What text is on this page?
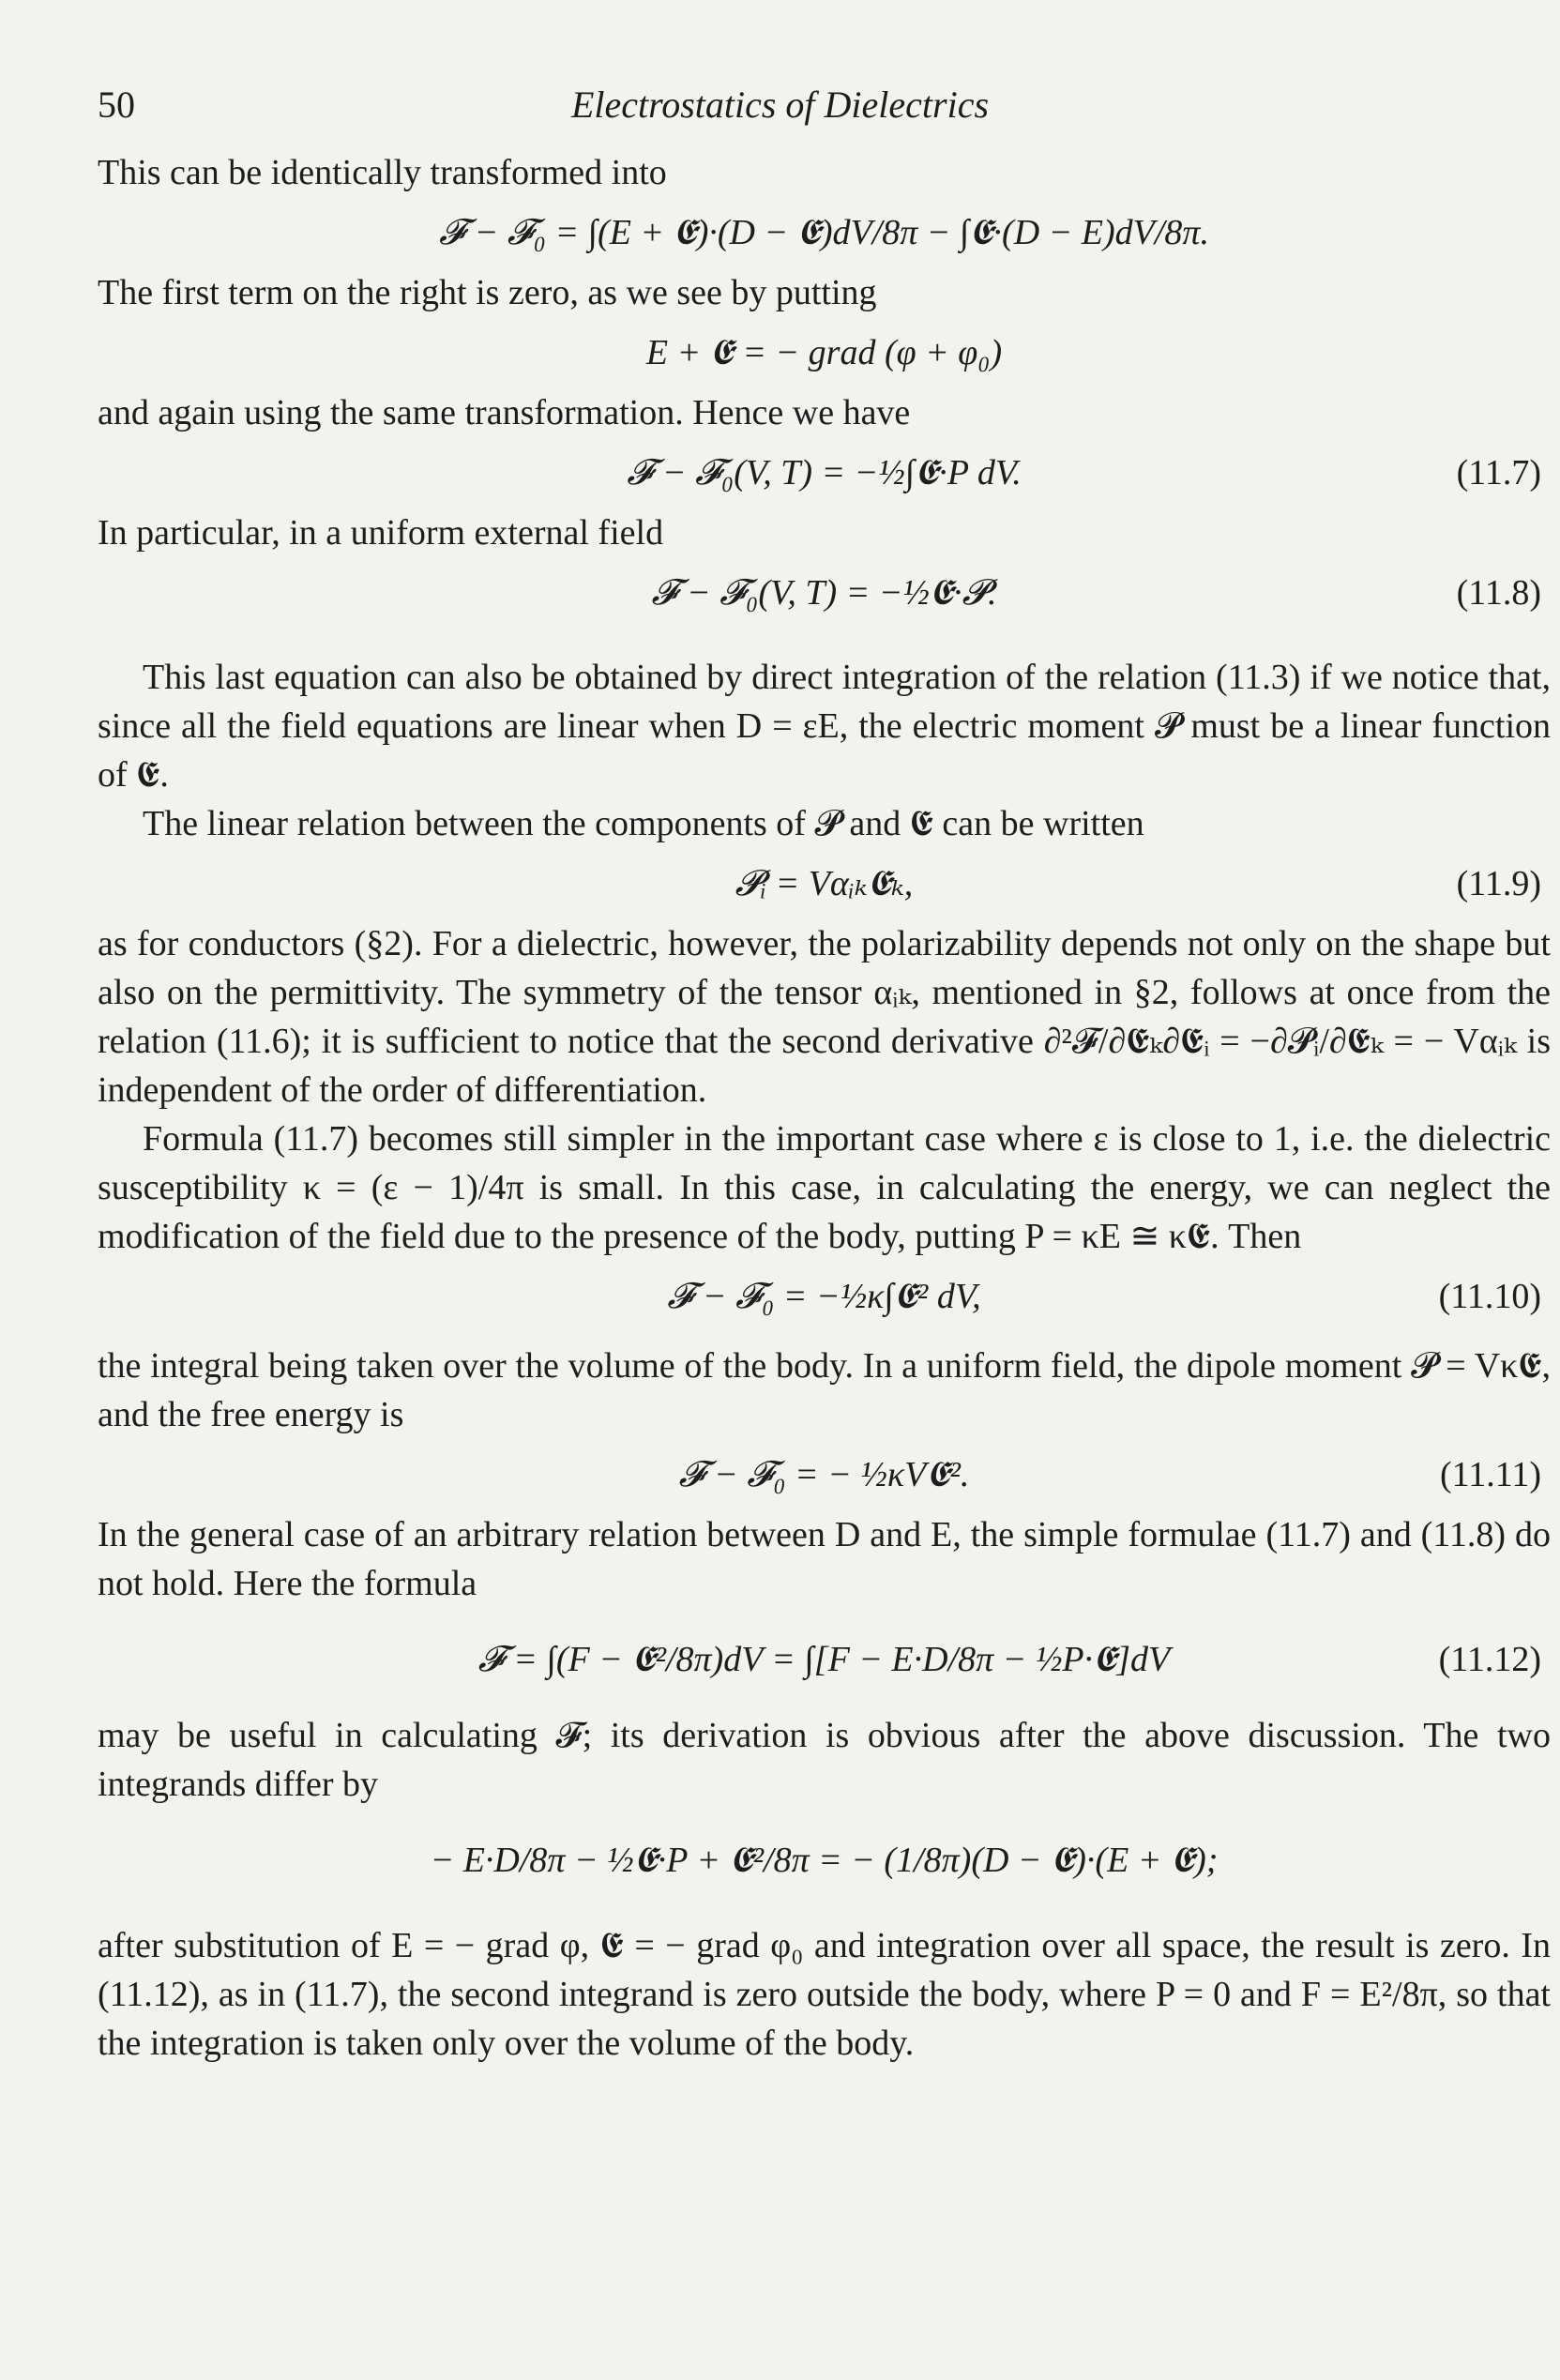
50	Electrostatics of Dielectrics

This can be identically transformed into

𝓕 − 𝓕₀ = ∫(E + 𝕰)·(D − 𝕰)dV/8π − ∫𝕰·(D − E)dV/8π.

The first term on the right is zero, as we see by putting

E + 𝕰 = − grad (φ + φ₀)

and again using the same transformation. Hence we have

𝓕 − 𝓕₀(V, T) = −½∫𝕰·P dV.	(11.7)

In particular, in a uniform external field

𝓕 − 𝓕₀(V, T) = −½𝕰·𝓟.	(11.8)

This last equation can also be obtained by direct integration of the relation (11.3) if we notice that, since all the field equations are linear when D = εE, the electric moment 𝓟 must be a linear function of 𝕰.

The linear relation between the components of 𝓟 and 𝕰 can be written

𝓟ᵢ = Vαᵢₖ𝕰ₖ,	(11.9)

as for conductors (§2). For a dielectric, however, the polarizability depends not only on the shape but also on the permittivity. The symmetry of the tensor αᵢₖ, mentioned in §2, follows at once from the relation (11.6); it is sufficient to notice that the second derivative ∂²𝓕/∂𝕰ₖ∂𝕰ᵢ = −∂𝓟ᵢ/∂𝕰ₖ = − Vαᵢₖ is independent of the order of differentiation.

Formula (11.7) becomes still simpler in the important case where ε is close to 1, i.e. the dielectric susceptibility κ = (ε − 1)/4π is small. In this case, in calculating the energy, we can neglect the modification of the field due to the presence of the body, putting P = κE ≅ κ𝕰. Then

𝓕 − 𝓕₀ = −½κ∫𝕰² dV,	(11.10)

the integral being taken over the volume of the body. In a uniform field, the dipole moment 𝓟 = Vκ𝕰, and the free energy is

𝓕 − 𝓕₀ = − ½κV𝕰².	(11.11)

In the general case of an arbitrary relation between D and E, the simple formulae (11.7) and (11.8) do not hold. Here the formula

𝓕 = ∫(F − 𝕰²/8π)dV = ∫[F − E·D/8π − ½P·𝕰]dV	(11.12)

may be useful in calculating 𝓕; its derivation is obvious after the above discussion. The two integrands differ by

− E·D/8π − ½𝕰·P + 𝕰²/8π = − (1/8π)(D − 𝕰)·(E + 𝕰);

after substitution of E = − grad φ, 𝕰 = − grad φ₀ and integration over all space, the result is zero. In (11.12), as in (11.7), the second integrand is zero outside the body, where P = 0 and F = E²/8π, so that the integration is taken only over the volume of the body.
